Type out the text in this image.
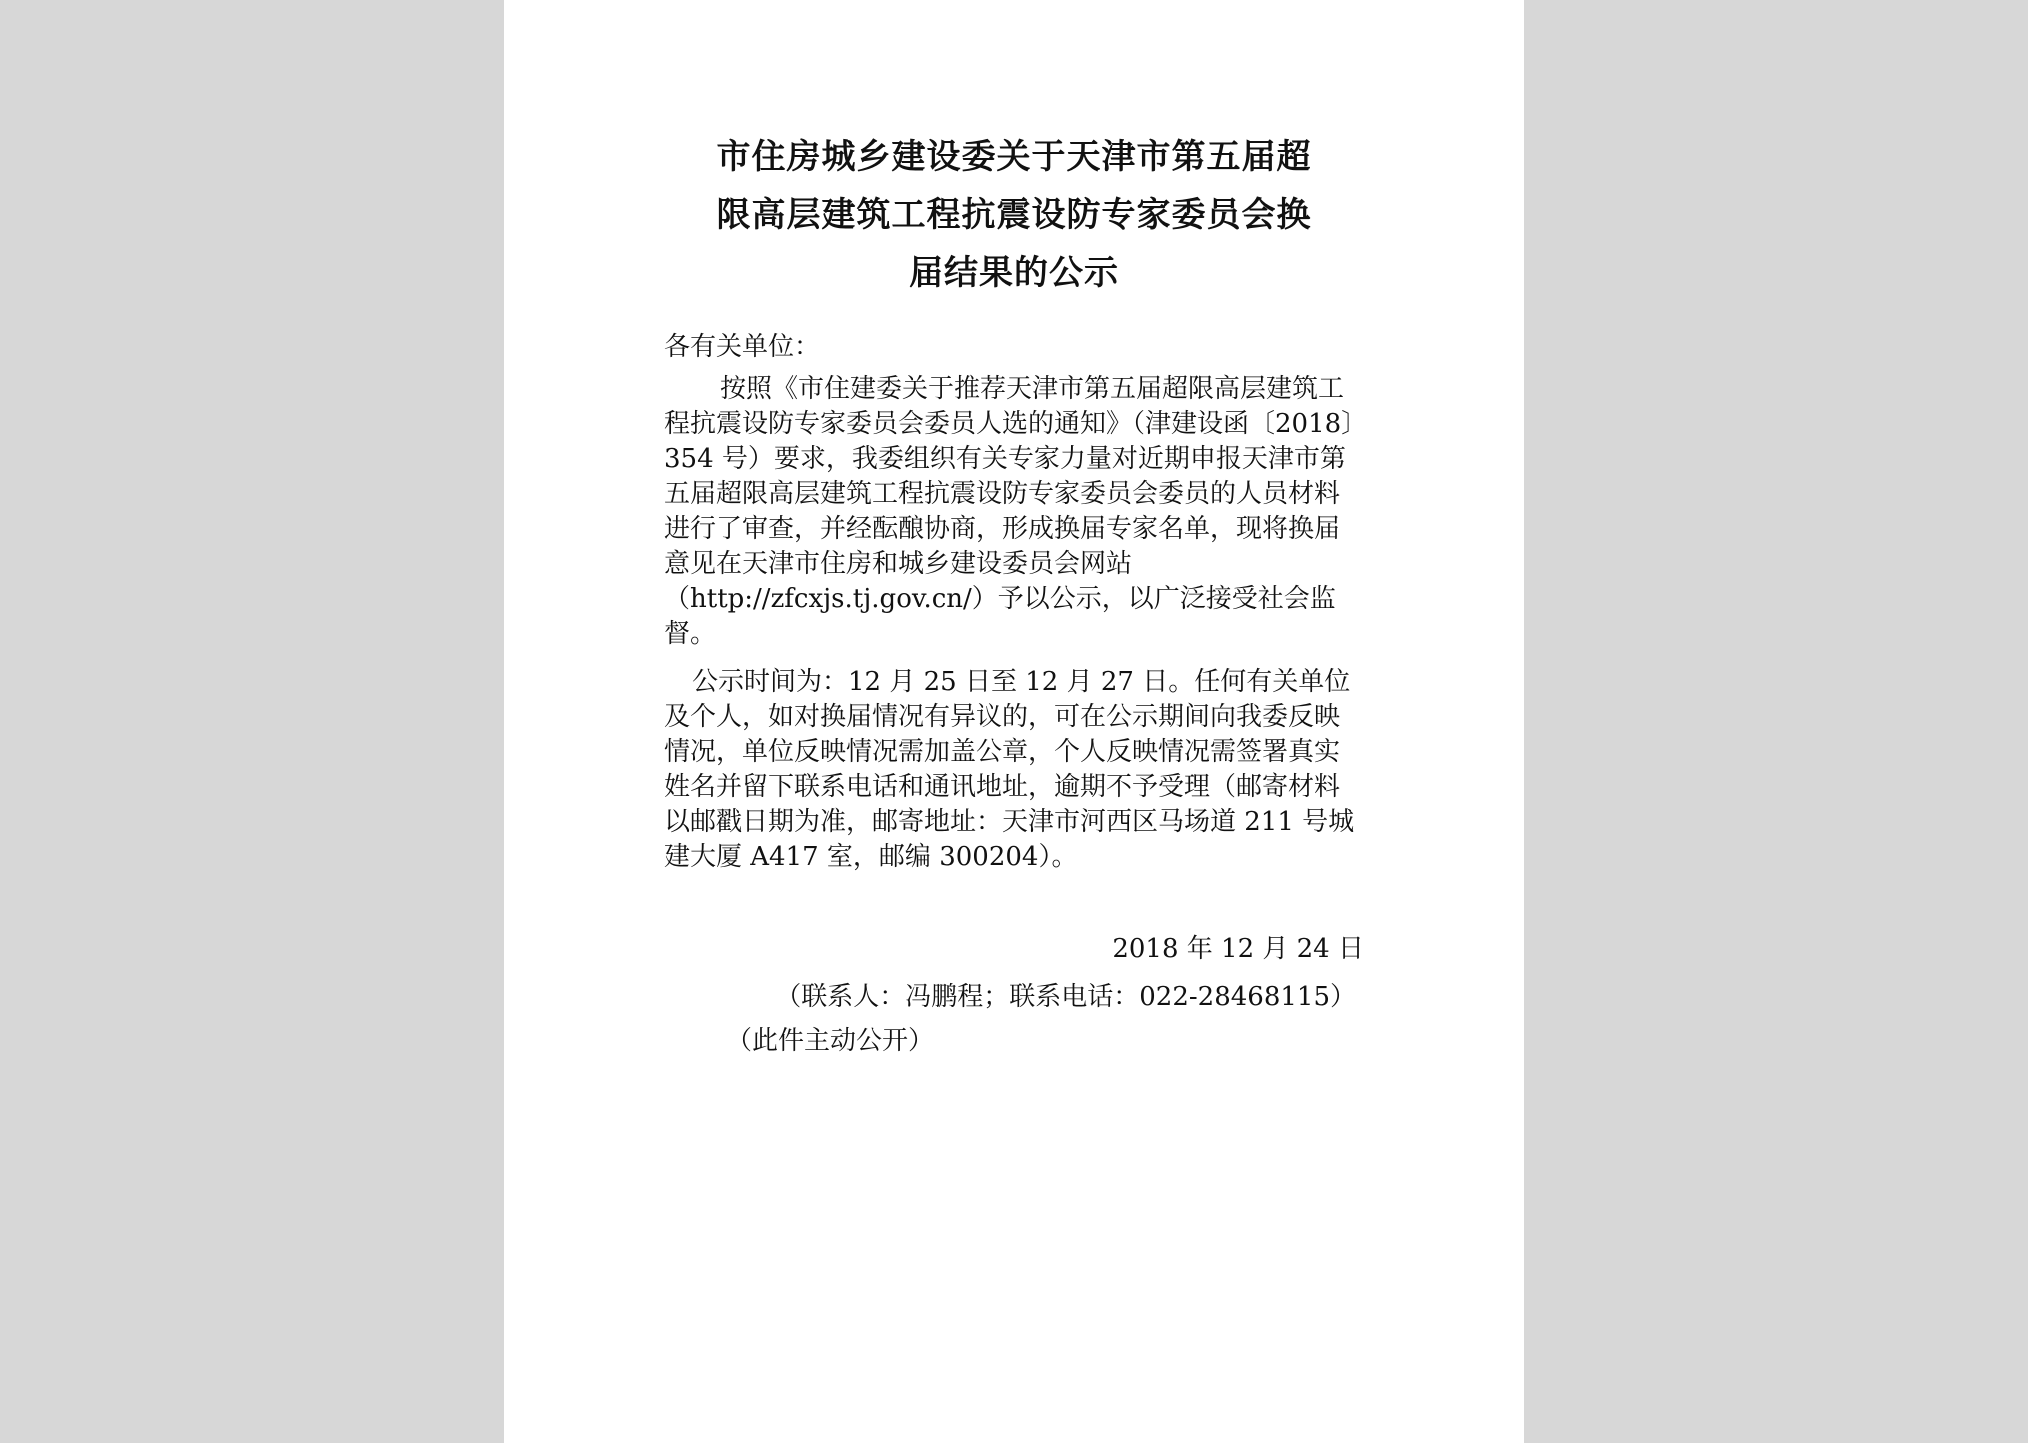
市住房城乡建设委关于天津市第五届超
限高层建筑工程抗震设防专家委员会换
届结果的公示
各有关单位：

按照《市住建委关于推荐天津市第五届超限高层建筑工程抗震设防专家委员会委员人选的通知》（津建设函〔2018〕354 号）要求，我委组织有关专家力量对近期申报天津市第五届超限高层建筑工程抗震设防专家委员会委员的人员材料进行了审查，并经酝酿协商，形成换届专家名单，现将换届意见在天津市住房和城乡建设委员会网站（http://zfcxjs.tj.gov.cn/）予以公示，以广泛接受社会监督。

公示时间为：12 月 25 日至 12 月 27 日。任何有关单位及个人，如对换届情况有异议的，可在公示期间向我委反映情况，单位反映情况需加盖公章，个人反映情况需签署真实姓名并留下联系电话和通讯地址，逾期不予受理（邮寄材料以邮戳日期为准，邮寄地址：天津市河西区马场道 211 号城建大厦 A417 室，邮编 300204）。

2018 年 12 月 24 日
（联系人：冯鹏程；联系电话：022-28468115）
（此件主动公开）
